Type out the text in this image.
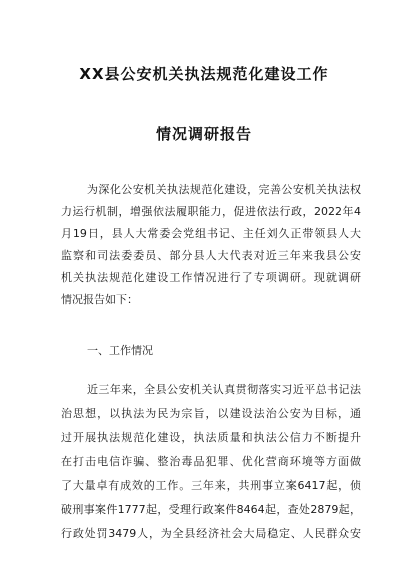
XX县公安机关执法规范化建设工作
情况调研报告
为深化公安机关执法规范化建设，完善公安机关执法权
力运行机制，增强依法履职能力，促进依法行政，2022年4
月19日，县人大常委会党组书记、主任刘久正带领县人大
监察和司法委委员、部分县人大代表对近三年来我县公安
机关执法规范化建设工作情况进行了专项调研。现就调研
情况报告如下：
一、工作情况
近三年来，全县公安机关认真贯彻落实习近平总书记法
治思想，以执法为民为宗旨，以建设法治公安为目标，通
过开展执法规范化建设，执法质量和执法公信力不断提升
在打击电信诈骗、整治毒品犯罪、优化营商环境等方面做
了大量卓有成效的工作。三年来，共刑事立案6417起，侦
破刑事案件1777起，受理行政案件8464起，查处2879起，
行政处罚3479人，为全县经济社会大局稳定、人民群众安
